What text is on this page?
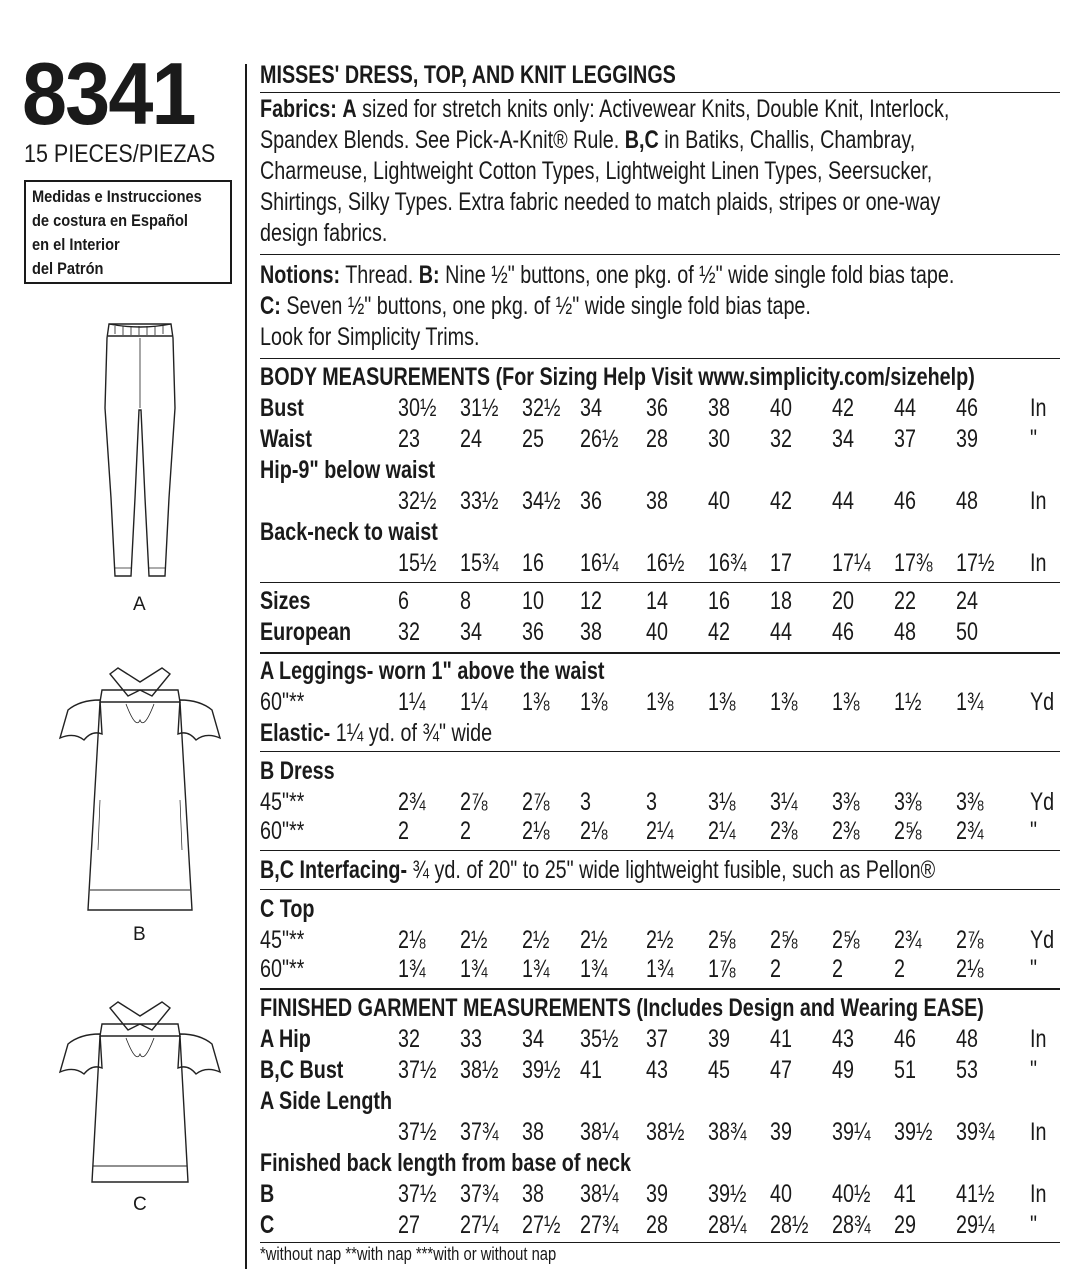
8341
15 PIECES/PIEZAS
Medidas e Instrucciones
de costura en Español
en el Interior
del Patrón
A
B
C
MISSES' DRESS, TOP, AND KNIT LEGGINGS
Fabrics: A sized for stretch knits only: Activewear Knits, Double Knit, Interlock,
Spandex Blends. See Pick-A-Knit® Rule. B,C in Batiks, Challis, Chambray,
Charmeuse, Lightweight Cotton Types, Lightweight Linen Types, Seersucker,
Shirtings, Silky Types. Extra fabric needed to match plaids, stripes or one-way
design fabrics.
Notions: Thread. B: Nine ½" buttons, one pkg. of ½" wide single fold bias tape.
C: Seven ½" buttons, one pkg. of ½" wide single fold bias tape.
Look for Simplicity Trims.
BODY MEASUREMENTS (For Sizing Help Visit www.simplicity.com/sizehelp)
Bust	30½ 31½ 32½ 34 36 38 40 42 44 46 In
Waist	23 24 25 26½ 28 30 32 34 37 39 "
Hip-9" below waist
32½ 33½ 34½ 36 38 40 42 44 46 48 In
Back-neck to waist
15½ 15¾ 16 16¼ 16½ 16¾ 17 17¼ 17⅜ 17½ In
Sizes	6 8 10 12 14 16 18 20 22 24
European 32 34 36 38 40 42 44 46 48 50
A Leggings- worn 1" above the waist
60"**	1¼ 1¼ 1⅜ 1⅜ 1⅜ 1⅜ 1⅜ 1⅜ 1½ 1¾ Yd
Elastic- 1¼ yd. of ¾" wide
B Dress
45"**	2¾ 2⅞ 2⅞ 3 3 3⅛ 3¼ 3⅜ 3⅜ 3⅜ Yd
60"**	2 2 2⅛ 2⅛ 2¼ 2¼ 2⅜ 2⅜ 2⅝ 2¾ "
B,C Interfacing- ¾ yd. of 20" to 25" wide lightweight fusible, such as Pellon®
C Top
45"**	2⅛ 2½ 2½ 2½ 2½ 2⅝ 2⅝ 2⅝ 2¾ 2⅞ Yd
60"**	1¾ 1¾ 1¾ 1¾ 1¾ 1⅞ 2 2 2 2⅛ "
FINISHED GARMENT MEASUREMENTS (Includes Design and Wearing EASE)
A Hip	32 33 34 35½ 37 39 41 43 46 48 In
B,C Bust 37½ 38½ 39½ 41 43 45 47 49 51 53 "
A Side Length
37½ 37¾ 38 38¼ 38½ 38¾ 39 39¼ 39½ 39¾ In
Finished back length from base of neck
B	37½ 37¾ 38 38¼ 39 39½ 40 40½ 41 41½ In
C	27 27¼ 27½ 27¾ 28 28¼ 28½ 28¾ 29 29¼ "
*without nap **with nap ***with or without nap
